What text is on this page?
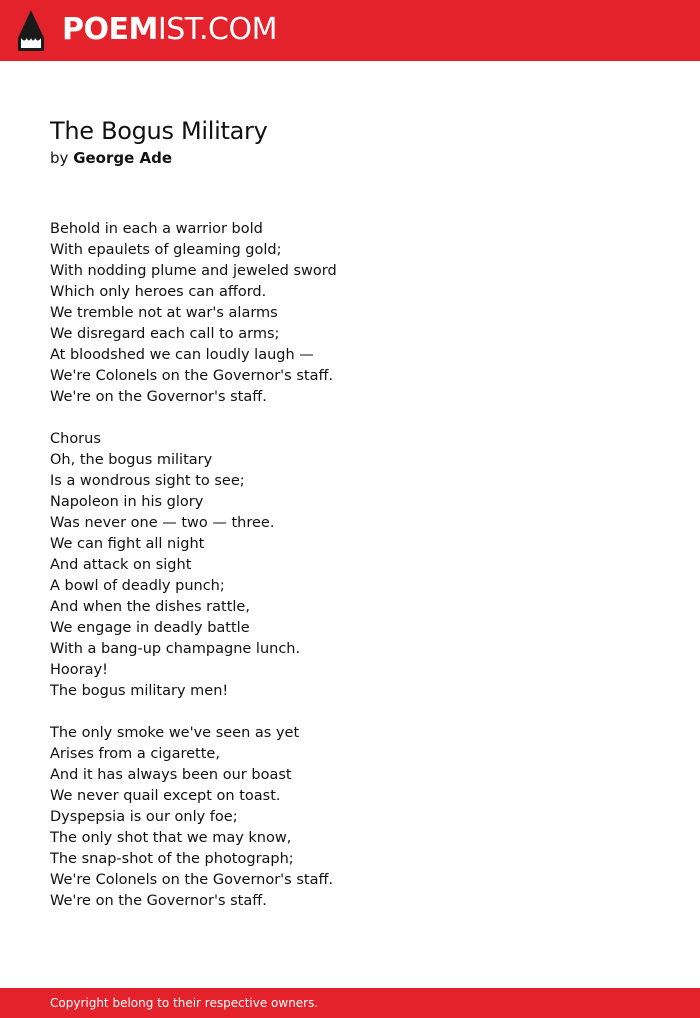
POEMIST.COM
The Bogus Military

by George Ade

Behold in each a warrior bold
With epaulets of gleaming gold;
With nodding plume and jeweled sword
Which only heroes can afford.
We tremble not at war's alarms
We disregard each call to arms;
At bloodshed we can loudly laugh —
We're Colonels on the Governor's staff.
We're on the Governor's staff.
Chorus
Oh, the bogus military
Is a wondrous sight to see;
Napoleon in his glory
Was never one — two — three.
We can fight all night
And attack on sight
A bowl of deadly punch;
And when the dishes rattle,
We engage in deadly battle
With a bang-up champagne lunch.
Hooray!
The bogus military men!
The only smoke we've seen as yet
Arises from a cigarette,
And it has always been our boast
We never quail except on toast.
Dyspepsia is our only foe;
The only shot that we may know,
The snap-shot of the photograph;
We're Colonels on the Governor's staff.
We're on the Governor's staff.
Copyright belong to their respective owners.
